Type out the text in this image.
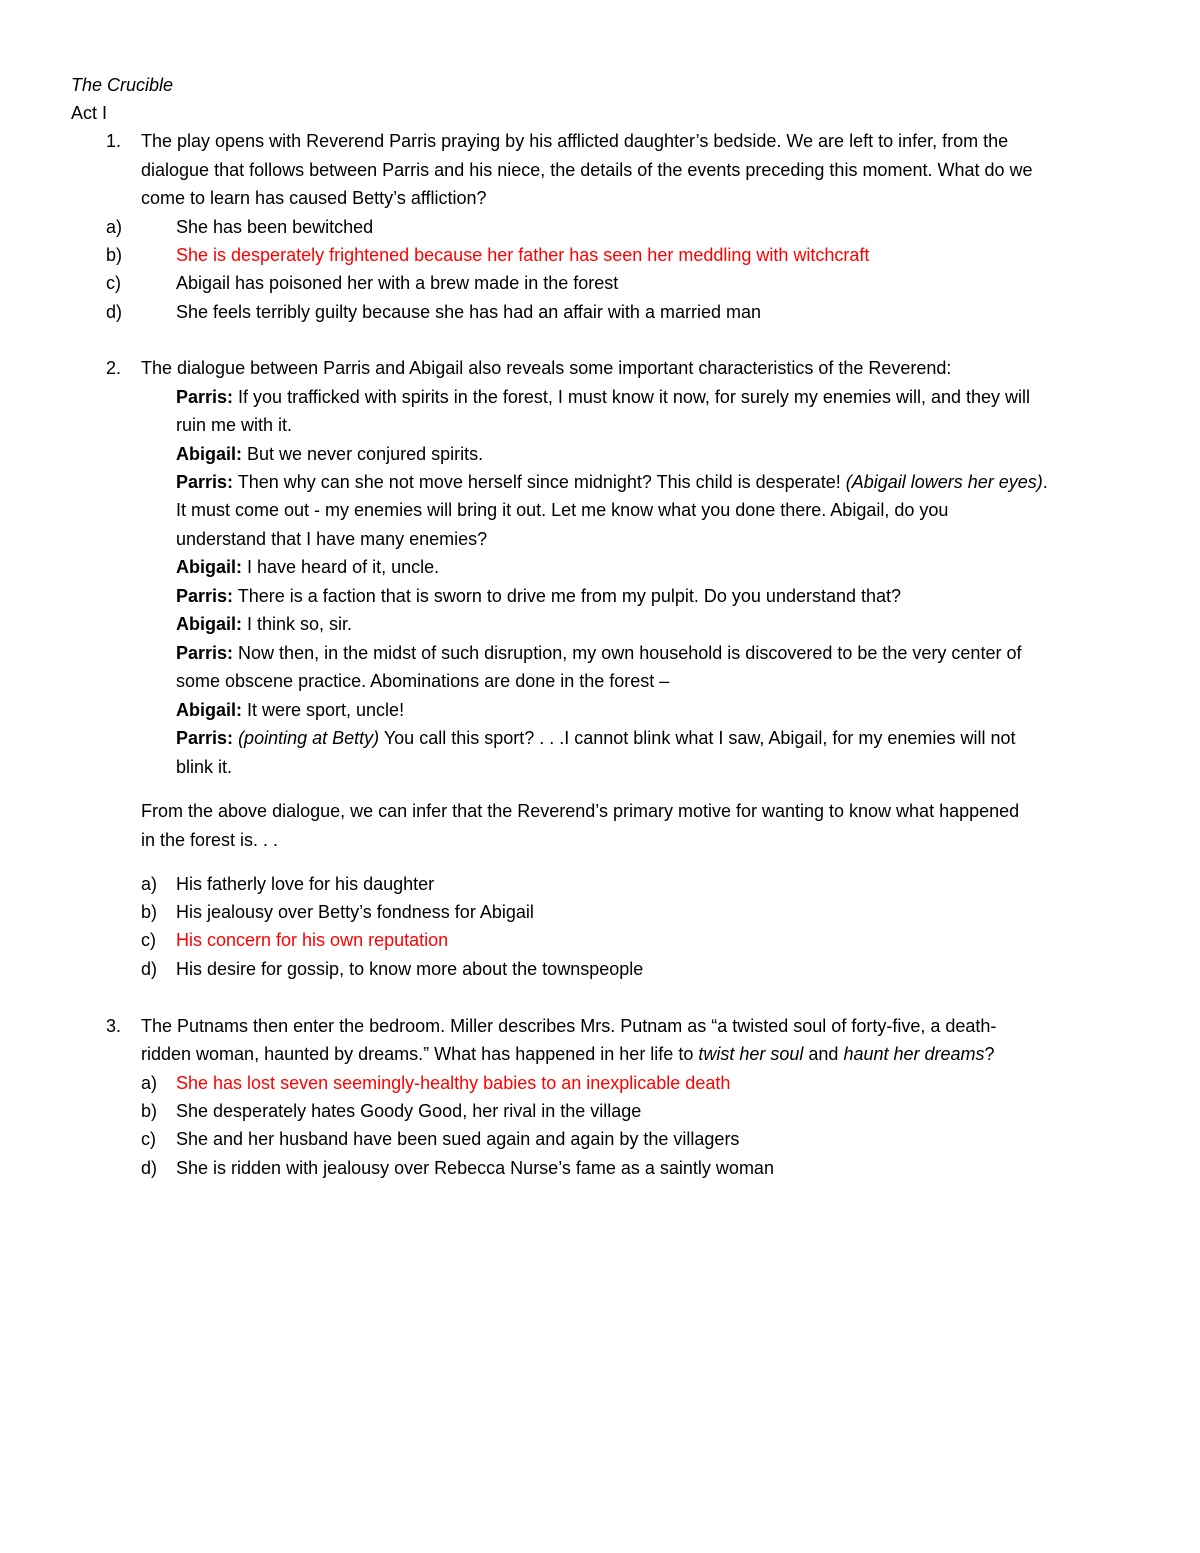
The Crucible
Act I
1. The play opens with Reverend Parris praying by his afflicted daughter’s bedside. We are left to infer, from the
dialogue that follows between Parris and his niece, the details of the events preceding this moment. What do we
come to learn has caused Betty’s affliction?
a)	She has been bewitched
b)	She is desperately frightened because her father has seen her meddling with witchcraft
c)	Abigail has poisoned her with a brew made in the forest
d)	She feels terribly guilty because she has had an affair with a married man
2. The dialogue between Parris and Abigail also reveals some important characteristics of the Reverend:
Parris: If you trafficked with spirits in the forest, I must know it now, for surely my enemies will, and they will
ruin me with it.
Abigail: But we never conjured spirits.
Parris: Then why can she not move herself since midnight? This child is desperate! (Abigail lowers her eyes).
It must come out - my enemies will bring it out. Let me know what you done there. Abigail, do you
understand that I have many enemies?
Abigail: I have heard of it, uncle.
Parris: There is a faction that is sworn to drive me from my pulpit. Do you understand that?
Abigail: I think so, sir.
Parris: Now then, in the midst of such disruption, my own household is discovered to be the very center of
some obscene practice. Abominations are done in the forest –
Abigail: It were sport, uncle!
Parris: (pointing at Betty) You call this sport? . . .I cannot blink what I saw, Abigail, for my enemies will not
blink it.
From the above dialogue, we can infer that the Reverend’s primary motive for wanting to know what happened
in the forest is. . .
a) His fatherly love for his daughter
b) His jealousy over Betty’s fondness for Abigail
c) His concern for his own reputation
d) His desire for gossip, to know more about the townspeople
3. The Putnams then enter the bedroom. Miller describes Mrs. Putnam as “a twisted soul of forty-five, a death-
ridden woman, haunted by dreams.” What has happened in her life to twist her soul and haunt her dreams?
a) She has lost seven seemingly-healthy babies to an inexplicable death
b) She desperately hates Goody Good, her rival in the village
c) She and her husband have been sued again and again by the villagers
d) She is ridden with jealousy over Rebecca Nurse’s fame as a saintly woman
